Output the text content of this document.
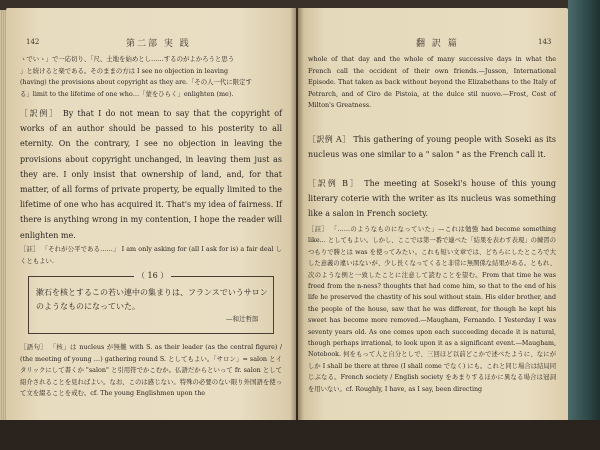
142	第二部 実 践

ゝでいゝ」で一応切り、「尺、土地を始めとし……するのがよかろうと思う

」と続けると楽である。そのままの方は I see no objection in leaving

(having) the provisions about copyright as they are.「その人一代に限定す

る」limit to the lifetime of one who…「蒙をひらく」enlighten (me).

［訳例］ By that I do not mean to say that the copyright of works of an author should be passed to his posterity to all eternity. On the contrary, I see no objection in leaving the provisions about copyright unchanged, in leaving them just as they are. I only insist that ownership of land, and, for that matter, of all forms of private property, be equally limited to the lifetime of one who has acquired it. That's my idea of fairness. If there is anything wrong in my contention, I hope the reader will enlighten me.
［註］ 「それが公平である……」 I am only asking for (all I ask for is) a fair deal しくともよい.
（ 16 ）
漱石を核とするこの若い連中の集まりは、フランスでいうサロンのようなものになっていた。
—和辻哲郎
［語句］ 「核」は nucleus が無難 with S. as their leader (as the central figure) / (the meeting of young …) gathering round S. としてもよい。「サロン」= salon とイタリックにして書くか "salon" と引用符でかこむか。仏語だからといって fr. salon として紹介されることを見ればよい。なお、このは感じない。特殊の必要のない限り外国語を使って文を綴ることを戒む。cf. The young Englishmen upon the
翻 訳 篇	143
whole of that day and the whole of many successive days in what the French call the occident of their own friends.—Jusson, International Episode. That taken as back without beyond the Elizabethans to the Italy of Petrarch, and of Ciro de Pistoia, at the dulce stil nuovo.—Frost, Cost of Milton's Greatness.
［訳例 A］ This gathering of young people with Soseki as its nucleus was one similar to a " salon " as the French call it.
［訳例 B］ The meeting at Soseki's house of this young literary coterie with the writer as its nucleus was something like a salon in French society.
［註］ 「……のようなものになっていた」—これは勉強 had become something like… としてもよい。しかし、ここでは第一番で連べた「結果を表わす表現」の練習のつもりで勝とは was を使ってみたい。これも短い文章では、どちらにしたところで大した意義の違いはないが、少し長くなってくると非常に無関係な結果がある。ともれ、次のような例と一致したことに注意して読むことを望む。From that time he was freed from the n-ness? thoughts that had come him, so that to the end of his life he preserved the chastity of his soul without stain. His elder brother, and the people of the house, saw that he was different, for though he kept his sweet has become more removed.—Maugham, Fernando. I Yesterday I was seventy years old. As one comes upon each succeeding decade it is natural, though perhaps irrational, to look upon it as a significant event.—Maugham, Notebook. 何をもって人と自分としで、三回ほど以前どこかで述べたように、なにがしか I shall be there at three (I shall come でなく) にも。これと同じ場合は結局同じぶなる。French society / English society をあまりするほかに異なる場合は冠詞を用いない。cf. Roughly, I have, as I say, been directing
